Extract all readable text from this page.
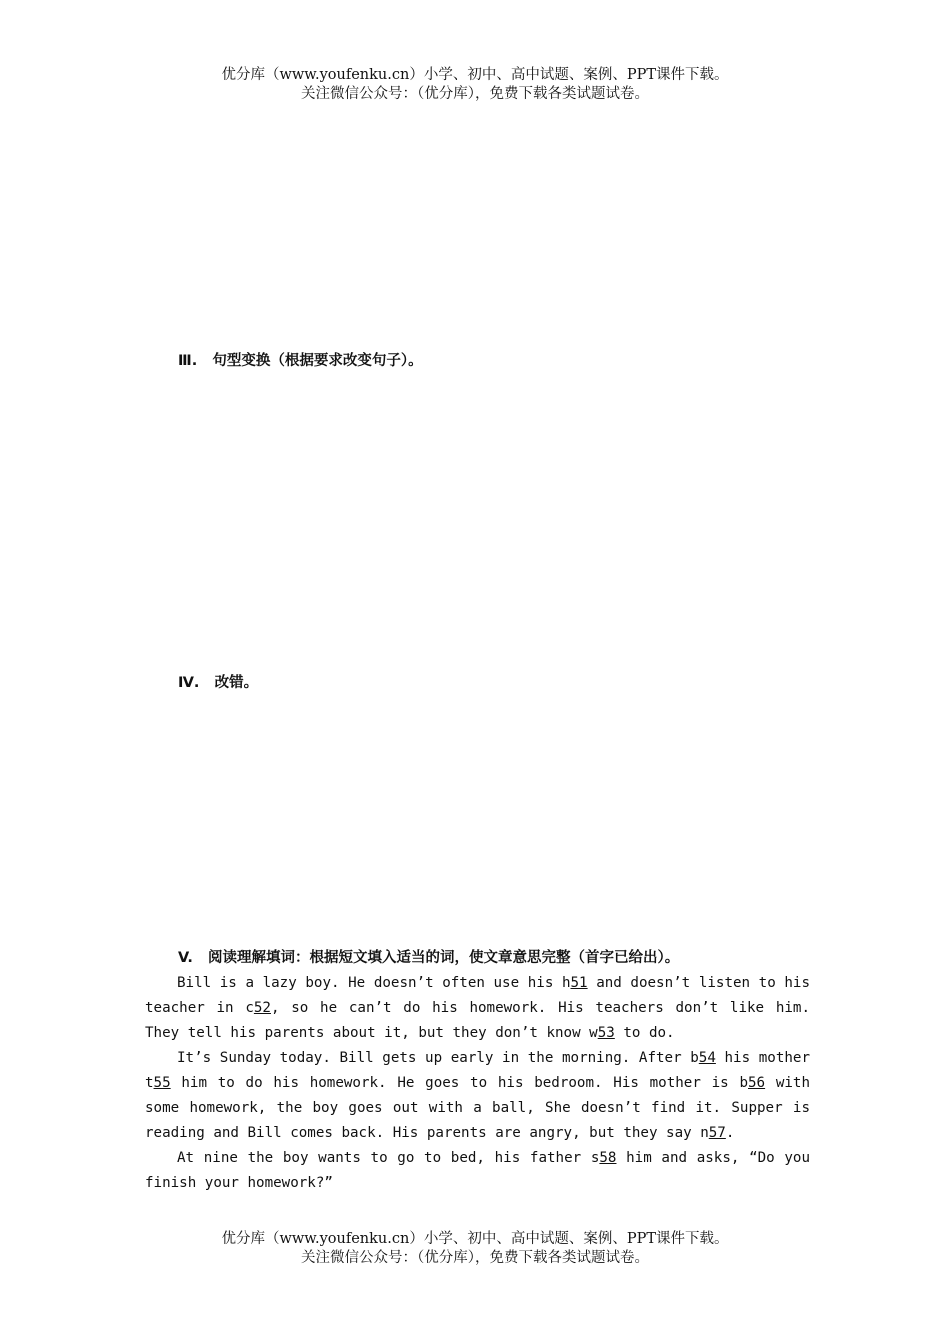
优分库（www.youfenku.cn）小学、初中、高中试题、案例、PPT课件下载。
关注微信公众号：（优分库），免费下载各类试题试卷。

Ⅲ.   句型变换（根据要求改变句子）。

Ⅳ.   改错。

V.   阅读理解填词：根据短文填入适当的词，使文章意思完整（首字已给出）。
Bill is a lazy boy. He doesn’t often use his h51 and doesn’t listen to his teacher in c52, so he can’t do his homework. His teachers don’t like him. They tell his parents about it, but they don’t know w53 to do.
It’s Sunday today. Bill gets up early in the morning. After b54 his mother t55 him to do his homework. He goes to his bedroom. His mother is b56 with some homework, the boy goes out with a ball, She doesn’t find it. Supper is reading and Bill comes back. His parents are angry, but they say n57.
At nine the boy wants to go to bed, his father s58 him and asks, “Do you finish your homework?”

优分库（www.youfenku.cn）小学、初中、高中试题、案例、PPT课件下载。
关注微信公众号：（优分库），免费下载各类试题试卷。
